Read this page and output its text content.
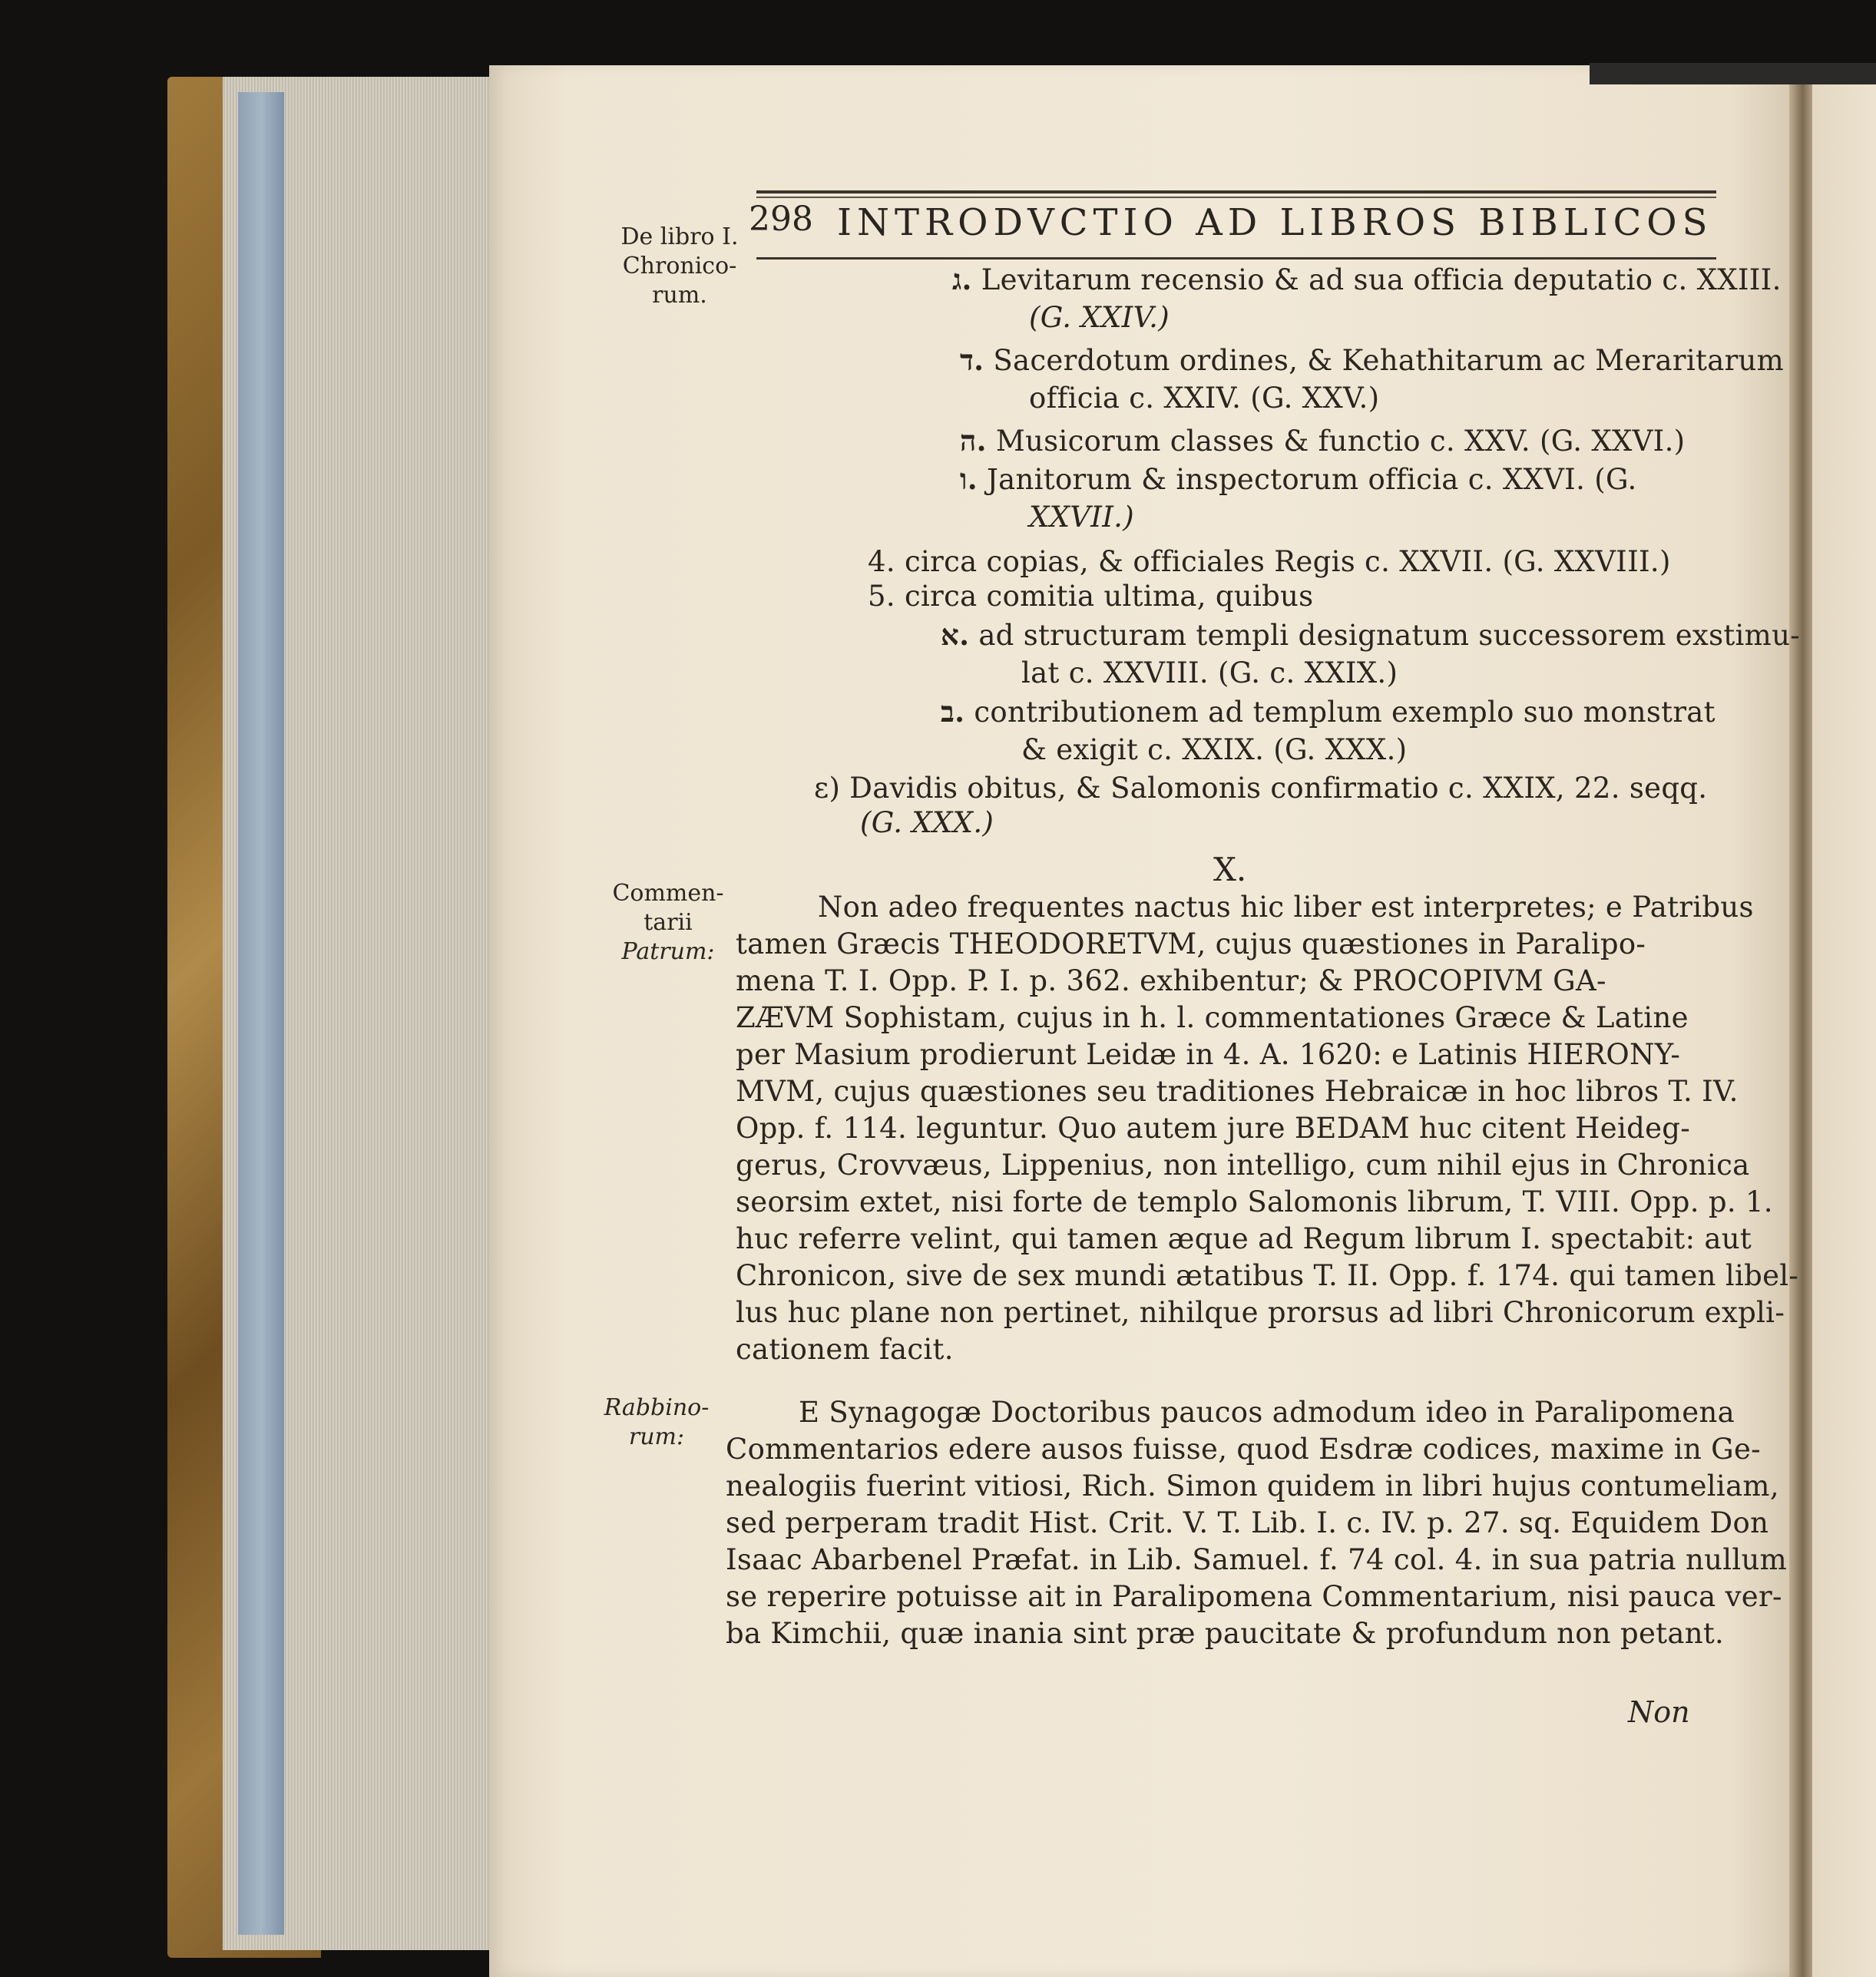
298 INTRODVCTIO AD LIBROS BIBLICOS
De libro I.
Chronico-
rum.
Commen-
tarii
Patrum:
Rabbino-
rum:
ג. Levitarum recensio & ad sua officia deputatio c. XXIII.
(G. XXIV.)
ד. Sacerdotum ordines, & Kehathitarum ac Meraritarum
officia c. XXIV. (G. XXV.)
ה. Musicorum classes & functio c. XXV. (G. XXVI.)
ו. Janitorum & inspectorum officia c. XXVI. (G.
XXVII.)
4. circa copias, & officiales Regis c. XXVII. (G. XXVIII.)
5. circa comitia ultima, quibus
א. ad structuram templi designatum successorem exstimu-
lat c. XXVIII. (G. c. XXIX.)
ב. contributionem ad templum exemplo suo monstrat
& exigit c. XXIX. (G. XXX.)
ε) Davidis obitus, & Salomonis confirmatio c. XXIX, 22. seqq.
(G. XXX.)
X.
Non adeo frequentes nactus hic liber est interpretes; e Patribus
tamen Græcis THEODORETVM, cujus quæstiones in Paralipo-
mena T. I. Opp. P. I. p. 362. exhibentur; & PROCOPIVM GA-
ZÆVM Sophistam, cujus in h. l. commentationes Græce & Latine
per Masium prodierunt Leidæ in 4. A. 1620: e Latinis HIERONY-
MVM, cujus quæstiones seu traditiones Hebraicæ in hoc libros T. IV.
Opp. f. 114. leguntur. Quo autem jure BEDAM huc citent Heideg-
gerus, Crovvæus, Lippenius, non intelligo, cum nihil ejus in Chronica
seorsim extet, nisi forte de templo Salomonis librum, T. VIII. Opp. p. 1.
huc referre velint, qui tamen æque ad Regum librum I. spectabit: aut
Chronicon, sive de sex mundi ætatibus T. II. Opp. f. 174. qui tamen libel-
lus huc plane non pertinet, nihilque prorsus ad libri Chronicorum expli-
cationem facit.
E Synagogæ Doctoribus paucos admodum ideo in Paralipomena
Commentarios edere ausos fuisse, quod Esdræ codices, maxime in Ge-
nealogiis fuerint vitiosi, Rich. Simon quidem in libri hujus contumeliam,
sed perperam tradit Hist. Crit. V. T. Lib. I. c. IV. p. 27. sq. Equidem Don
Isaac Abarbenel Præfat. in Lib. Samuel. f. 74 col. 4. in sua patria nullum
se reperire potuisse ait in Paralipomena Commentarium, nisi pauca ver-
ba Kimchii, quæ inania sint præ paucitate & profundum non petant.
Non
